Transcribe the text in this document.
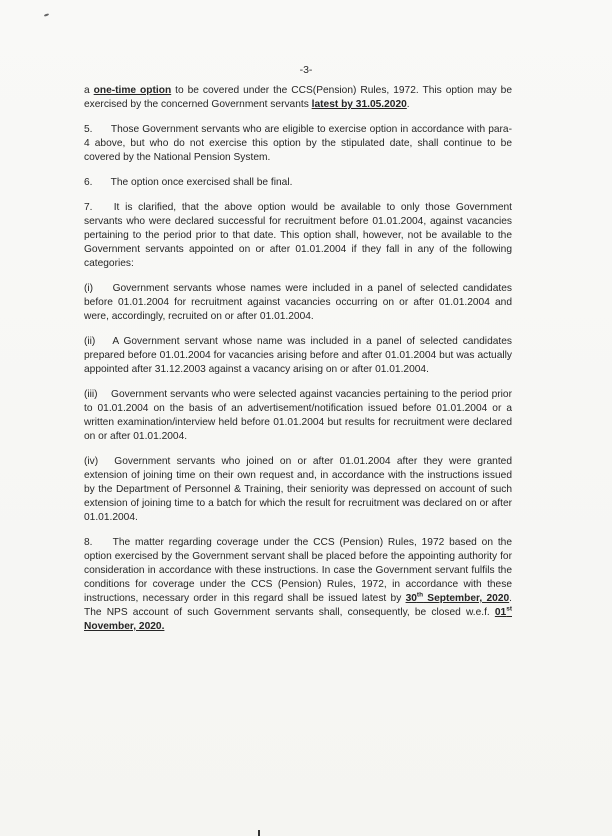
-3-

a one-time option to be covered under the CCS(Pension) Rules, 1972. This option may be exercised by the concerned Government servants latest by 31.05.2020.

5. Those Government servants who are eligible to exercise option in accordance with para-4 above, but who do not exercise this option by the stipulated date, shall continue to be covered by the National Pension System.

6. The option once exercised shall be final.

7. It is clarified, that the above option would be available to only those Government servants who were declared successful for recruitment before 01.01.2004, against vacancies pertaining to the period prior to that date. This option shall, however, not be available to the Government servants appointed on or after 01.01.2004 if they fall in any of the following categories:

(i) Government servants whose names were included in a panel of selected candidates before 01.01.2004 for recruitment against vacancies occurring on or after 01.01.2004 and were, accordingly, recruited on or after 01.01.2004.

(ii) A Government servant whose name was included in a panel of selected candidates prepared before 01.01.2004 for vacancies arising before and after 01.01.2004 but was actually appointed after 31.12.2003 against a vacancy arising on or after 01.01.2004.

(iii) Government servants who were selected against vacancies pertaining to the period prior to 01.01.2004 on the basis of an advertisement/notification issued before 01.01.2004 or a written examination/interview held before 01.01.2004 but results for recruitment were declared on or after 01.01.2004.

(iv) Government servants who joined on or after 01.01.2004 after they were granted extension of joining time on their own request and, in accordance with the instructions issued by the Department of Personnel & Training, their seniority was depressed on account of such extension of joining time to a batch for which the result for recruitment was declared on or after 01.01.2004.

8. The matter regarding coverage under the CCS (Pension) Rules, 1972 based on the option exercised by the Government servant shall be placed before the appointing authority for consideration in accordance with these instructions. In case the Government servant fulfils the conditions for coverage under the CCS (Pension) Rules, 1972, in accordance with these instructions, necessary order in this regard shall be issued latest by 30th September, 2020. The NPS account of such Government servants shall, consequently, be closed w.e.f. 01st November, 2020.
